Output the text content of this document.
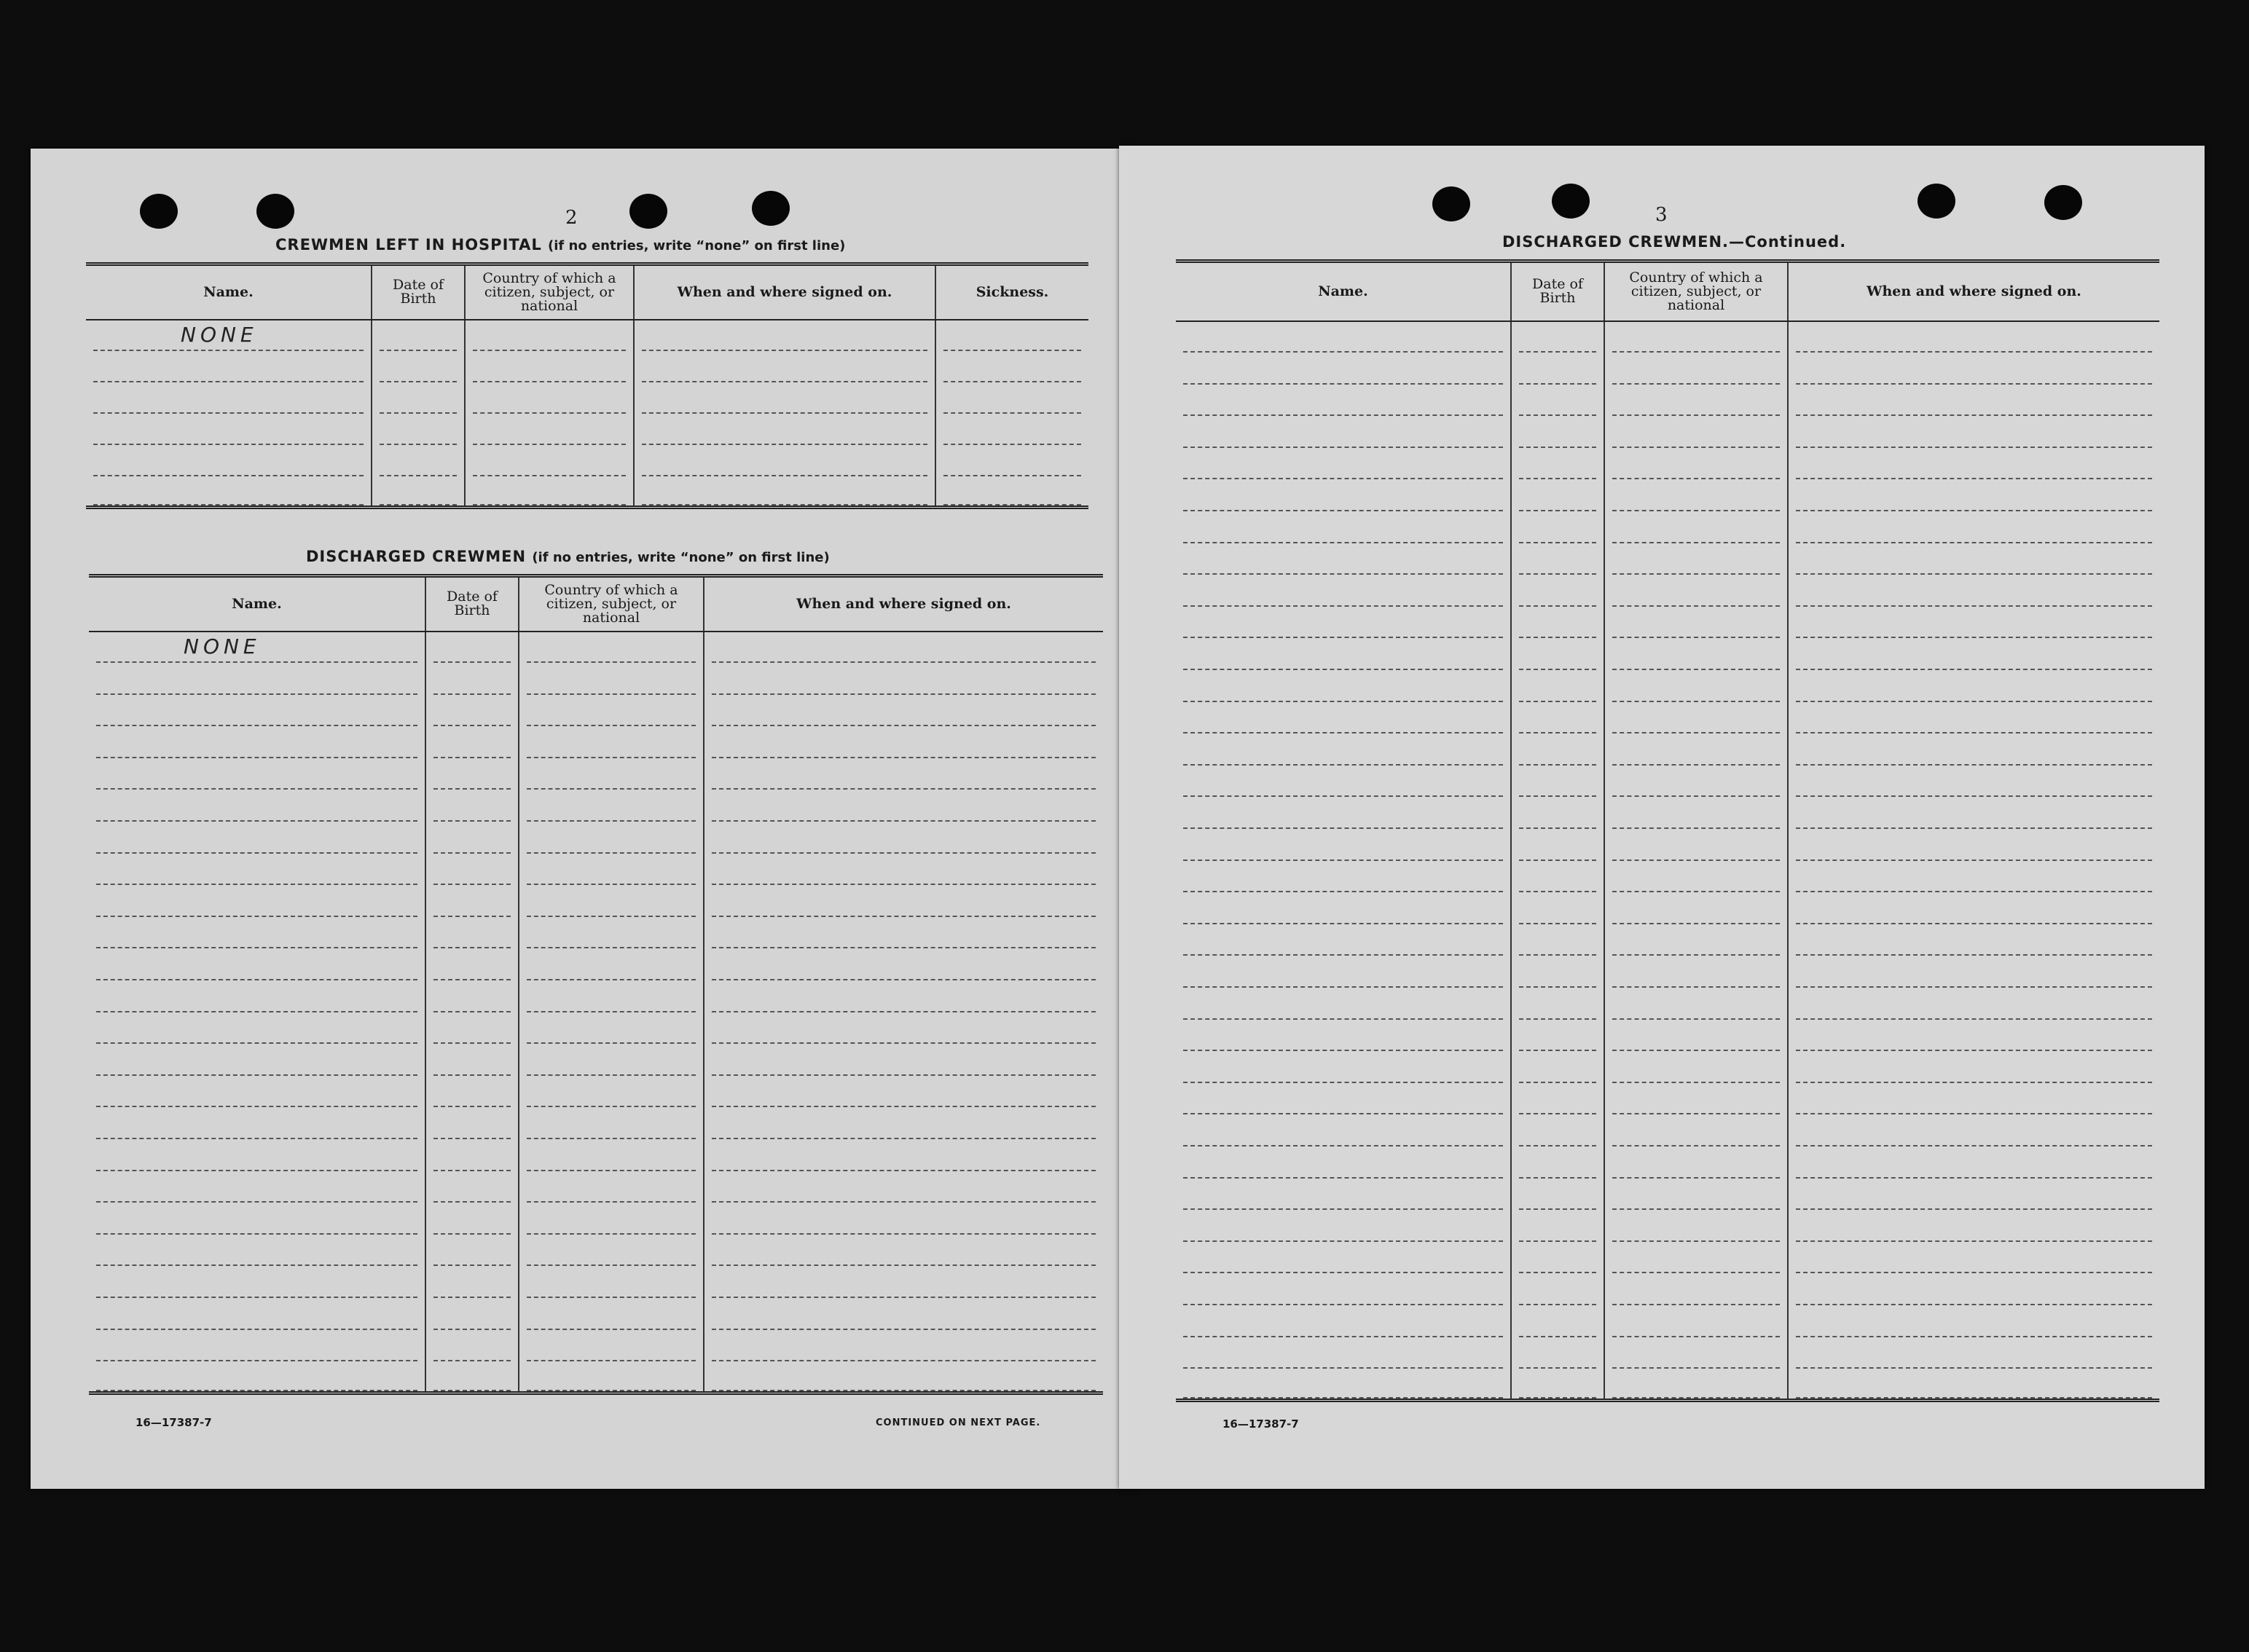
2
CREWMEN LEFT IN HOSPITAL (if no entries, write “none” on first line)
Name.	Date of Birth	Country of which a citizen, subject, or national	When and where signed on.	Sickness.

NONE				

DISCHARGED CREWMEN (if no entries, write “none” on first line)
Name.	Date of Birth	Country of which a citizen, subject, or national	When and where signed on.

NONE			

16—17387-7	CONTINUED ON NEXT PAGE.
3
DISCHARGED CREWMEN.—Continued.
Name.	Date of Birth	Country of which a citizen, subject, or national	When and where signed on.

16—17387-7
